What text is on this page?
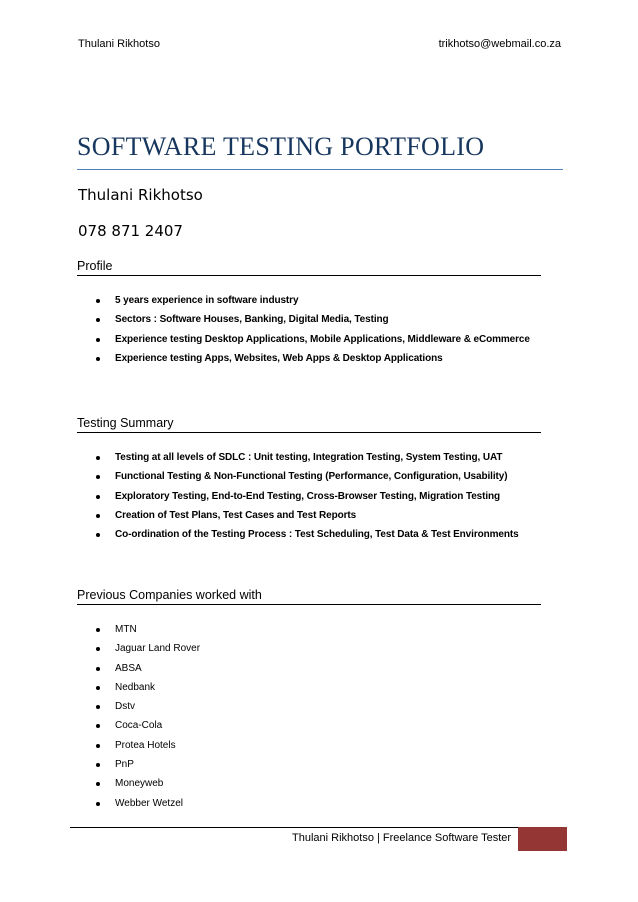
Thulani Rikhotso	trikhotso@webmail.co.za
SOFTWARE TESTING PORTFOLIO
Thulani Rikhotso
078 871 2407
Profile
5 years experience in software industry
Sectors : Software Houses, Banking, Digital Media, Testing
Experience testing Desktop Applications, Mobile Applications, Middleware & eCommerce
Experience testing Apps, Websites, Web Apps & Desktop Applications
Testing Summary
Testing at all levels of SDLC : Unit testing, Integration Testing, System Testing, UAT
Functional Testing & Non-Functional Testing (Performance, Configuration, Usability)
Exploratory Testing, End-to-End Testing, Cross-Browser Testing, Migration Testing
Creation of Test Plans, Test Cases and Test Reports
Co-ordination of the Testing Process : Test Scheduling, Test Data & Test Environments
Previous Companies worked with
MTN
Jaguar Land Rover
ABSA
Nedbank
Dstv
Coca-Cola
Protea Hotels
PnP
Moneyweb
Webber Wetzel
Thulani Rikhotso | Freelance Software Tester
